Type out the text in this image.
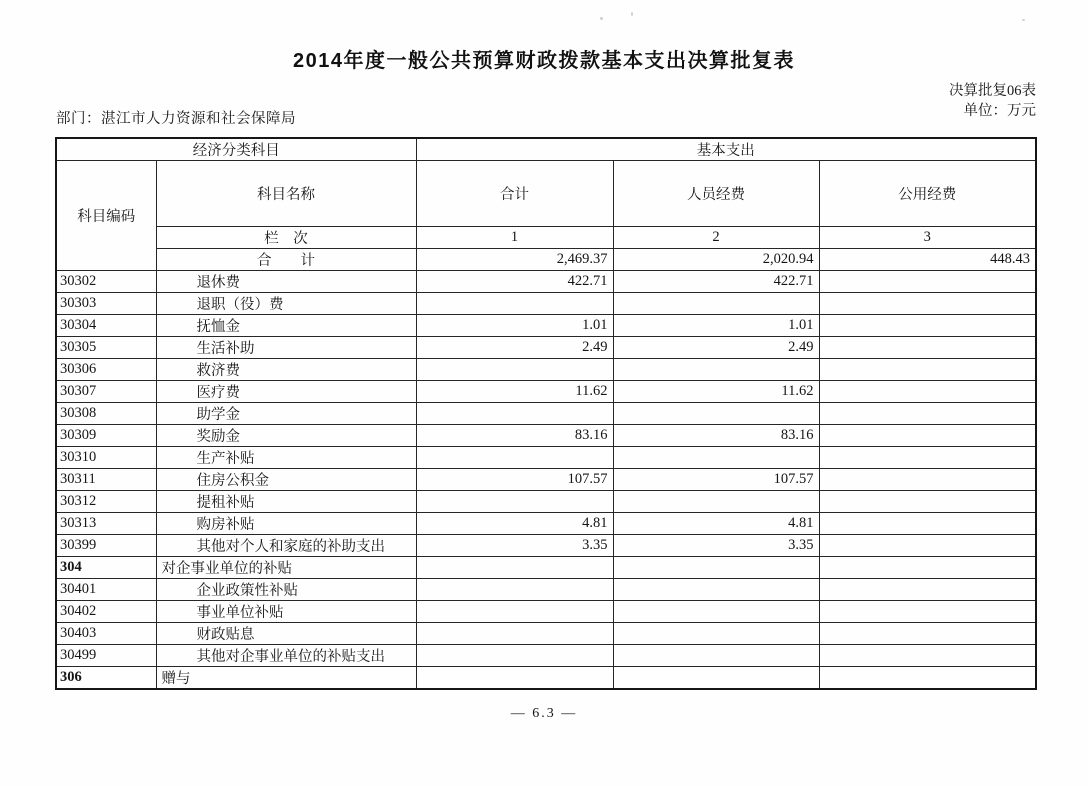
2014年度一般公共预算财政拨款基本支出决算批复表
决算批复06表
单位：万元
部门：湛江市人力资源和社会保障局
经济分类科目		基本支出		
科目编码	科目名称	合计	人员经费	公用经费
	栏　次	1	2	3
	合　　计	2,469.37	2,020.94	448.43
30302	退休费	422.71	422.71	
30303	退职（役）费			
30304	抚恤金	1.01	1.01	
30305	生活补助	2.49	2.49	
30306	救济费			
30307	医疗费	11.62	11.62	
30308	助学金			
30309	奖励金	83.16	83.16	
30310	生产补贴			
30311	住房公积金	107.57	107.57	
30312	提租补贴			
30313	购房补贴	4.81	4.81	
30399	其他对个人和家庭的补助支出	3.35	3.35	
304	对企事业单位的补贴			
30401	企业政策性补贴			
30402	事业单位补贴			
30403	财政贴息			
30499	其他对企事业单位的补贴支出			
306	赠与			
— 6.3 —
